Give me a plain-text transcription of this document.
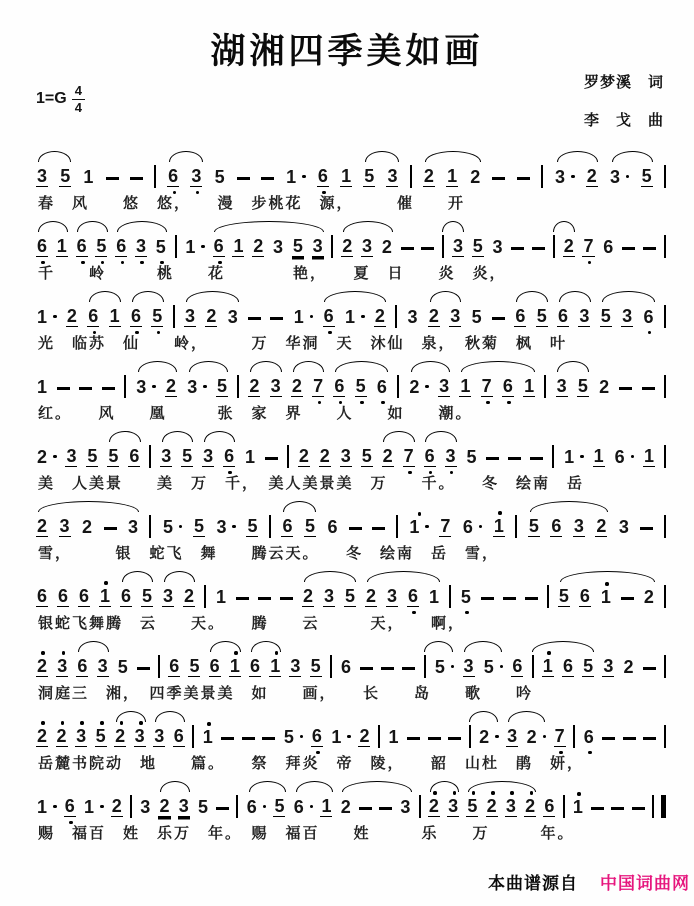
湖湘四季美如画
$1=G \frac{4}{4}$
罗梦溪　词
李　戈　曲
3 5 1	6 3 5	1	6 1 5 3 2 1 2	3	2 3	5
春　风　　悠　悠，　　漫　步桃花　源，　　　催　　开
6 1 6 5 6 3 5 1	6 1 2 3 5 3 2 3 2	3 5 3	2 7 6
千　　岭　　　桃　　花　　　　艳，　　夏　日　　炎　炎，
1	2 6 1 6 5 3 2 3	1	6 1	2 3 2 3 5 6 5 6 3 5 3 6
光　临苏　仙　　岭，　　　万　华洞　天　沐仙　泉，　秋菊　枫　叶
1	3	2 3	5 2 3 2 7 6 5 6 2	3 1 7 6 1 3 5 2
红。　　风　　凰　　　张　家　界　　人　　如　　潮。
2	3 5 5 6 3 5 3 6 1 2 2 3 5 2 7 6 3 5	1	1 6	1
美　人美景　　美　万　千，　美人美景美　万　　千。　　冬　绘南　岳
2 3 2 3 5	5 3	5 6 5 6	1	7 6	1 5 6 3 2 3
雪，　　　银　蛇飞　舞　　腾云天。　　冬　绘南　岳　雪，
6 6 6 1 6 5 3 2 1	2 3 5 2 3 6 1 5	5 6 1 2
银蛇飞舞腾　云　　天。　　腾　　云　　　天，　　啊，
2 3 6 3 5 6 5 6 1 6 1 3 5 6	5	3 5	6 1 6 5 3 2
洞庭三　湘，　四季美景美　如　　画，　　长　　岛　　歌　　吟
2 2 3 5 2 3 3 6 1	5	6 1	2 1	2	3 2	7 6
岳麓书院动　地　　篇。　　祭　拜炎　帝　陵，　　韶　山杜　鹃　妍，
1 6 1 2 3 2 3 5 6 5 6 1 2	3 2 3 5 2 3 2 6 1
赐　福百　姓　乐万　年。　赐　福百　　姓　　　乐　　万　　　年。
本曲谱源自 中国词曲网
